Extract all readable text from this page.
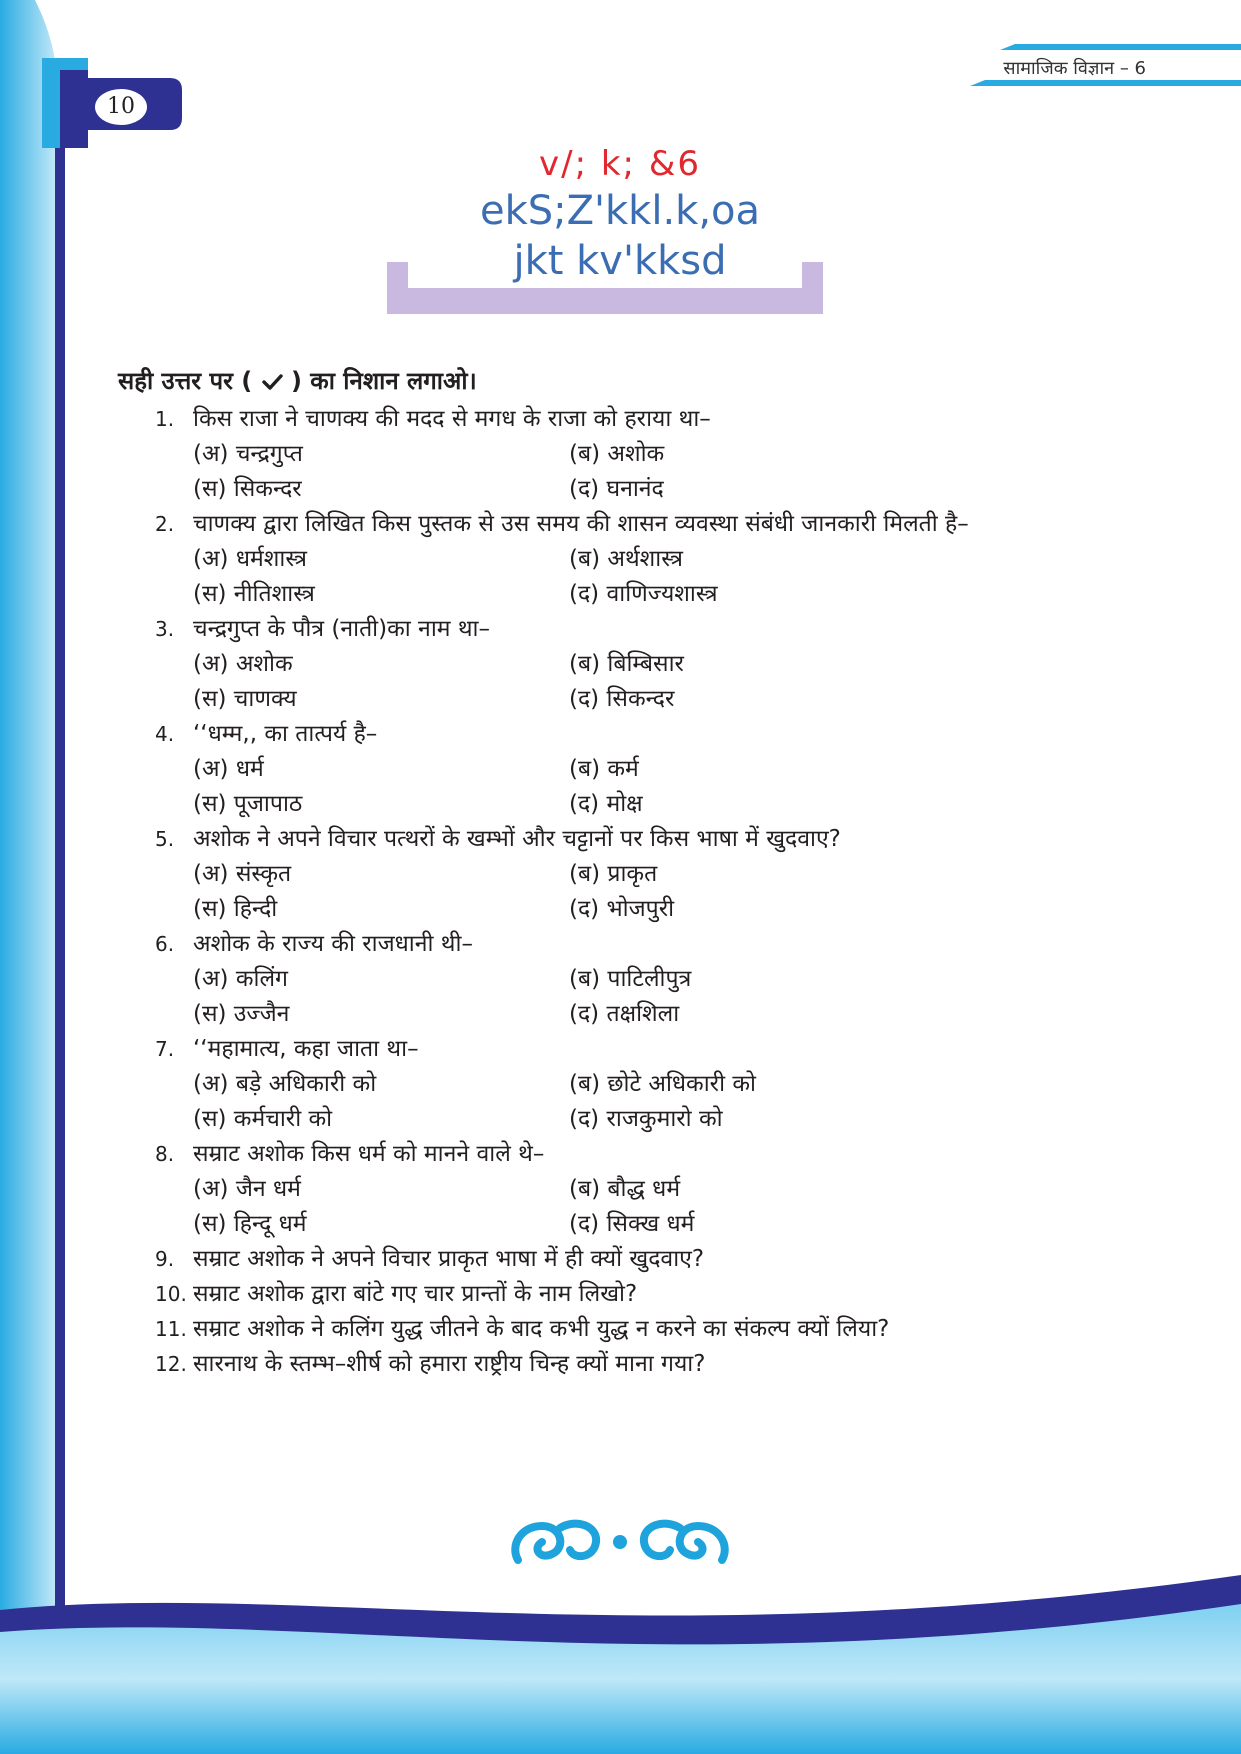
सामाजिक विज्ञान – 6
10
v/; k; &6
ekS;Z'kkl.k,oa
jkt kv'kksd
सही उत्तर पर ( ) का निशान लगाओ।
1. किस राजा ने चाणक्य की मदद से मगध के राजा को हराया था–
(अ) चन्द्रगुप्त	(ब) अशोक
(स) सिकन्दर	(द) घनानंद
2. चाणक्य द्वारा लिखित किस पुस्तक से उस समय की शासन व्यवस्था संबंधी जानकारी मिलती है–
(अ) धर्मशास्त्र	(ब) अर्थशास्त्र
(स) नीतिशास्त्र	(द) वाणिज्यशास्त्र
3. चन्द्रगुप्त के पौत्र (नाती)का नाम था–
(अ) अशोक	(ब) बिम्बिसार
(स) चाणक्य	(द) सिकन्दर
4. ‘‘धम्म,, का तात्पर्य है–
(अ) धर्म	(ब) कर्म
(स) पूजापाठ	(द) मोक्ष
5. अशोक ने अपने विचार पत्थरों के खम्भों और चट्टानों पर किस भाषा में खुदवाए?
(अ) संस्कृत	(ब) प्राकृत
(स) हिन्दी	(द) भोजपुरी
6. अशोक के राज्य की राजधानी थी–
(अ) कलिंग	(ब) पाटिलीपुत्र
(स) उज्जैन	(द) तक्षशिला
7. ‘‘महामात्य, कहा जाता था–
(अ) बड़े अधिकारी को	(ब) छोटे अधिकारी को
(स) कर्मचारी को	(द) राजकुमारो को
8. सम्राट अशोक किस धर्म को मानने वाले थे–
(अ) जैन धर्म	(ब) बौद्ध धर्म
(स) हिन्दू धर्म	(द) सिक्ख धर्म
9. सम्राट अशोक ने अपने विचार प्राकृत भाषा में ही क्यों खुदवाए?
10. सम्राट अशोक द्वारा बांटे गए चार प्रान्तों के नाम लिखो?
11. सम्राट अशोक ने कलिंग युद्ध जीतने के बाद कभी युद्ध न करने का संकल्प क्यों लिया?
12. सारनाथ के स्तम्भ–शीर्ष को हमारा राष्ट्रीय चिन्ह क्यों माना गया?
